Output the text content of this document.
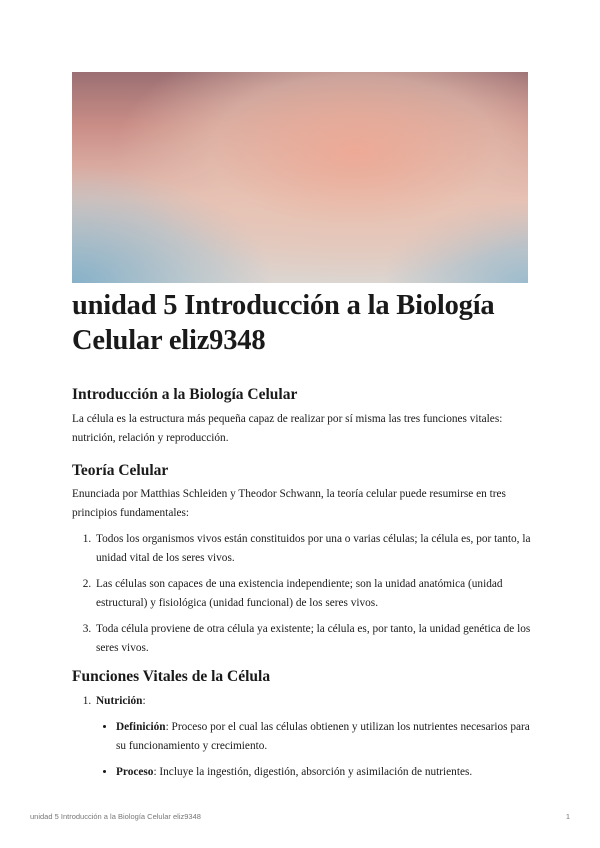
unidad 5 Introducción a la Biología Celular eliz9348
Introducción a la Biología Celular

La célula es la estructura más pequeña capaz de realizar por sí misma las tres funciones vitales: nutrición, relación y reproducción.

Teoría Celular

Enunciada por Matthias Schleiden y Theodor Schwann, la teoría celular puede resumirse en tres principios fundamentales:

1. Todos los organismos vivos están constituidos por una o varias células; la célula es, por tanto, la unidad vital de los seres vivos.
2. Las células son capaces de una existencia independiente; son la unidad anatómica (unidad estructural) y fisiológica (unidad funcional) de los seres vivos.
3. Toda célula proviene de otra célula ya existente; la célula es, por tanto, la unidad genética de los seres vivos.
Funciones Vitales de la Célula
1. Nutrición:
• Definición: Proceso por el cual las células obtienen y utilizan los nutrientes necesarios para su funcionamiento y crecimiento.
• Proceso: Incluye la ingestión, digestión, absorción y asimilación de nutrientes.
unidad 5 Introducción a la Biología Celular eliz9348	1
